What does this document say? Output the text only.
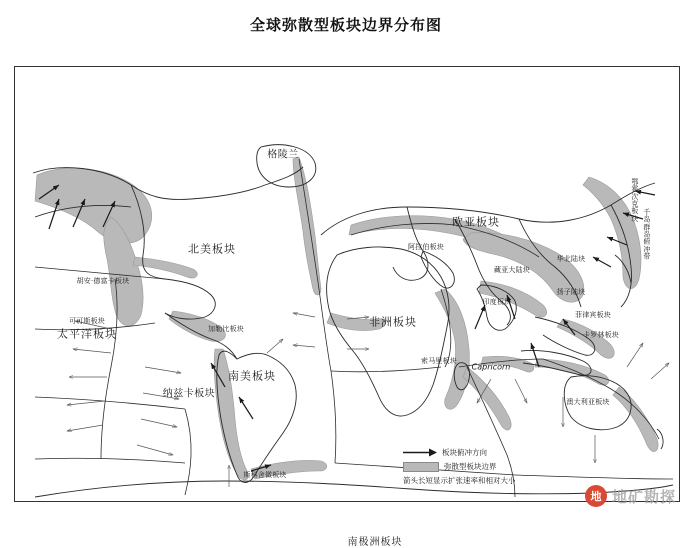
全球弥散型板块边界分布图
格陵兰
北美板块
欧亚板块
太平洋板块
非洲板块
南美板块
纳兹卡板块
胡安·德富卡板块
可可斯板块
加勒比板块
阿拉伯板块
华北陆块
藏亚大陆块
扬子陆块
印度板块
菲律宾板块
卡罗林板块
索马里板块
Capricorn
澳大利亚板块
斯科舍微板块
千岛群岛俯冲带
鄂霍次克板块
南极洲板块
板块俯冲方向
弥散型板块边界
箭头长短显示扩张速率和相对大小
地 地矿勘探
